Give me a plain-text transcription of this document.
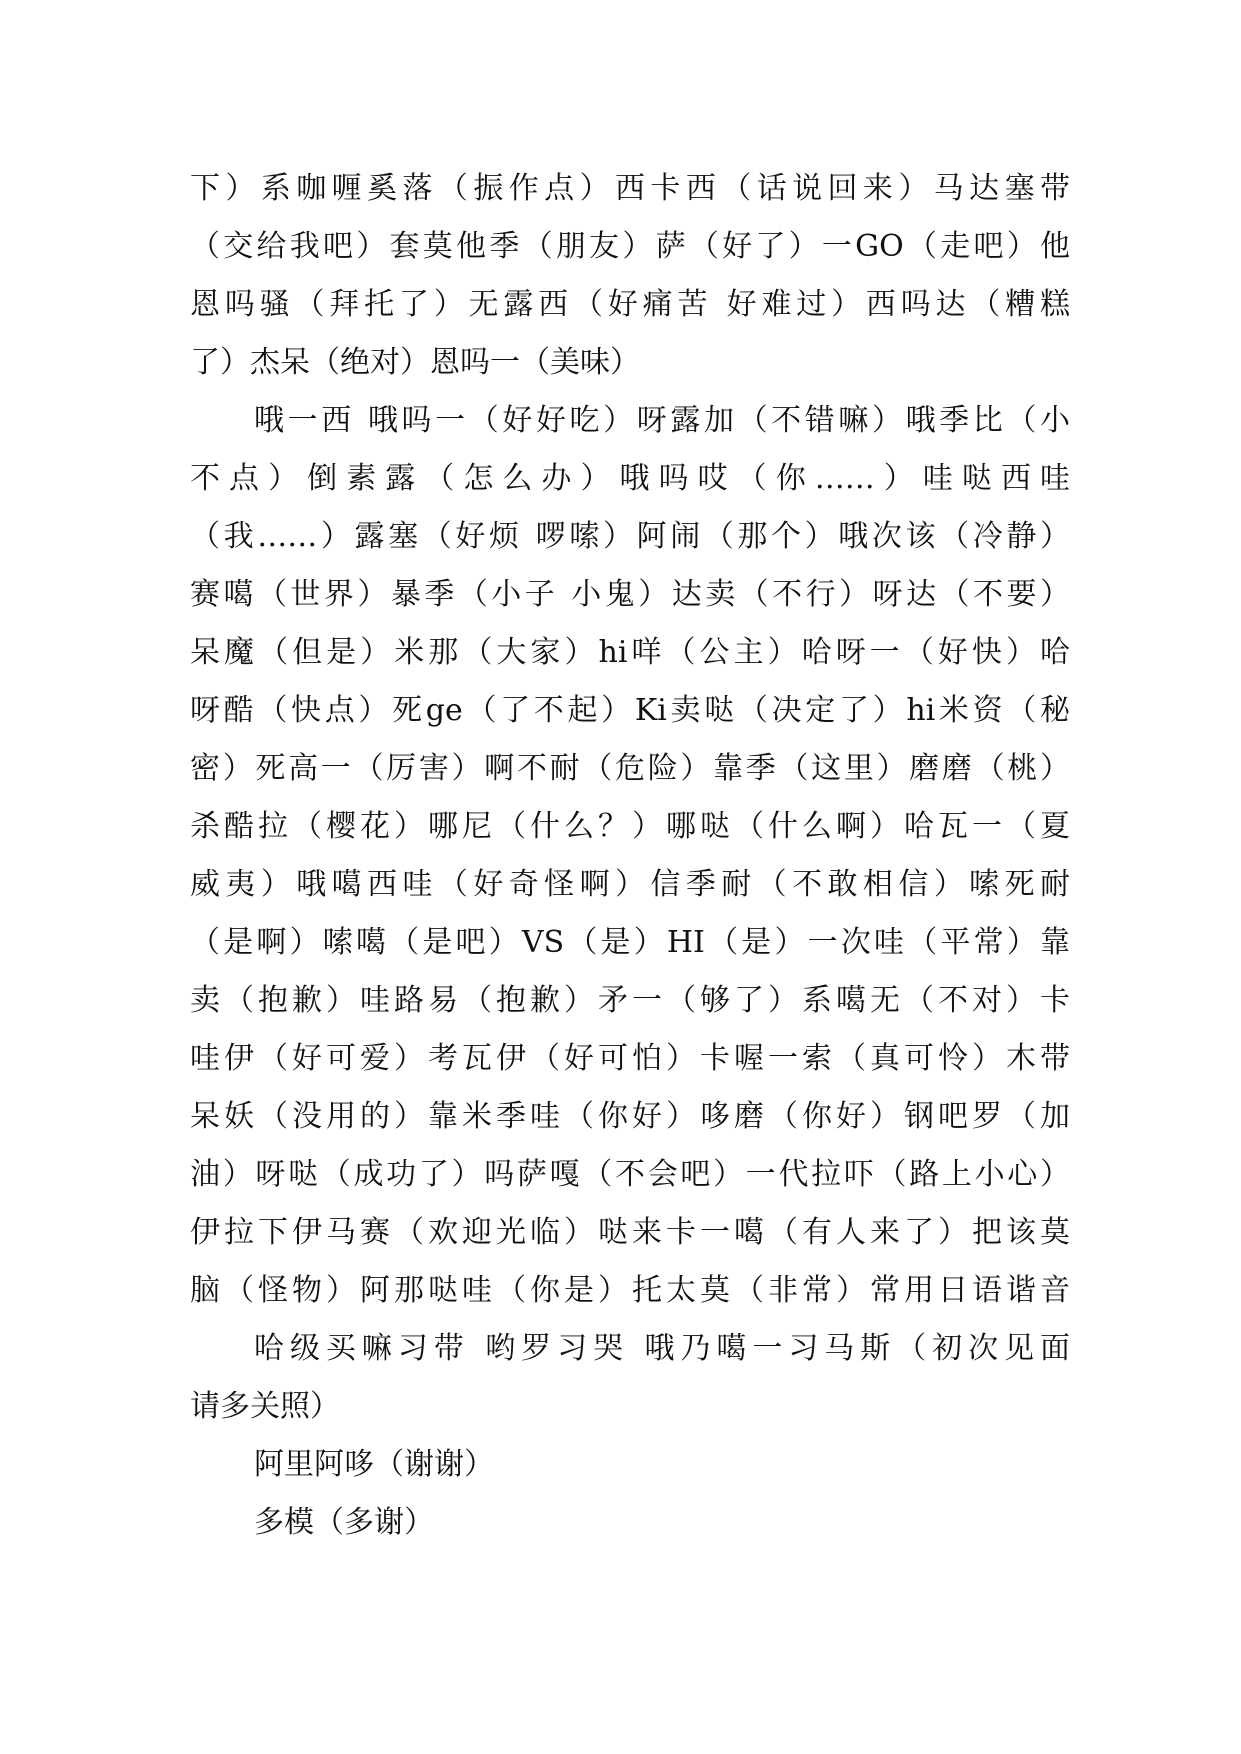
下）系咖喱奚落（振作点）西卡西（话说回来）马达塞带
（交给我吧）套莫他季（朋友）萨（好了）一GO（走吧）他
恩吗骚（拜托了）无露西（好痛苦 好难过）西吗达（糟糕
了）杰呆（绝对）恩吗一（美味）
哦一西 哦吗一（好好吃）呀露加（不错嘛）哦季比（小
不点）倒素露（怎么办）哦吗哎（你……）哇哒西哇
（我……）露塞（好烦 啰嗦）阿闹（那个）哦次该（冷静）
赛噶（世界）暴季（小子 小鬼）达卖（不行）呀达（不要）
呆魔（但是）米那（大家）hi咩（公主）哈呀一（好快）哈
呀酷（快点）死ge（了不起）Ki卖哒（决定了）hi米资（秘
密）死高一（厉害）啊不耐（危险）靠季（这里）磨磨（桃）
杀酷拉（樱花）哪尼（什么？）哪哒（什么啊）哈瓦一（夏
威夷）哦噶西哇（好奇怪啊）信季耐（不敢相信）嗦死耐
（是啊）嗦噶（是吧）VS（是）HI（是）一次哇（平常）靠
卖（抱歉）哇路易（抱歉）矛一（够了）系噶无（不对）卡
哇伊（好可爱）考瓦伊（好可怕）卡喔一索（真可怜）木带
呆妖（没用的）靠米季哇（你好）哆磨（你好）钢吧罗（加
油）呀哒（成功了）吗萨嘎（不会吧）一代拉吓（路上小心）
伊拉下伊马赛（欢迎光临）哒来卡一噶（有人来了）把该莫
脑（怪物）阿那哒哇（你是）托太莫（非常）常用日语谐音
哈级买嘛习带 哟罗习哭 哦乃噶一习马斯（初次见面
请多关照）
阿里阿哆（谢谢）
多模（多谢）
